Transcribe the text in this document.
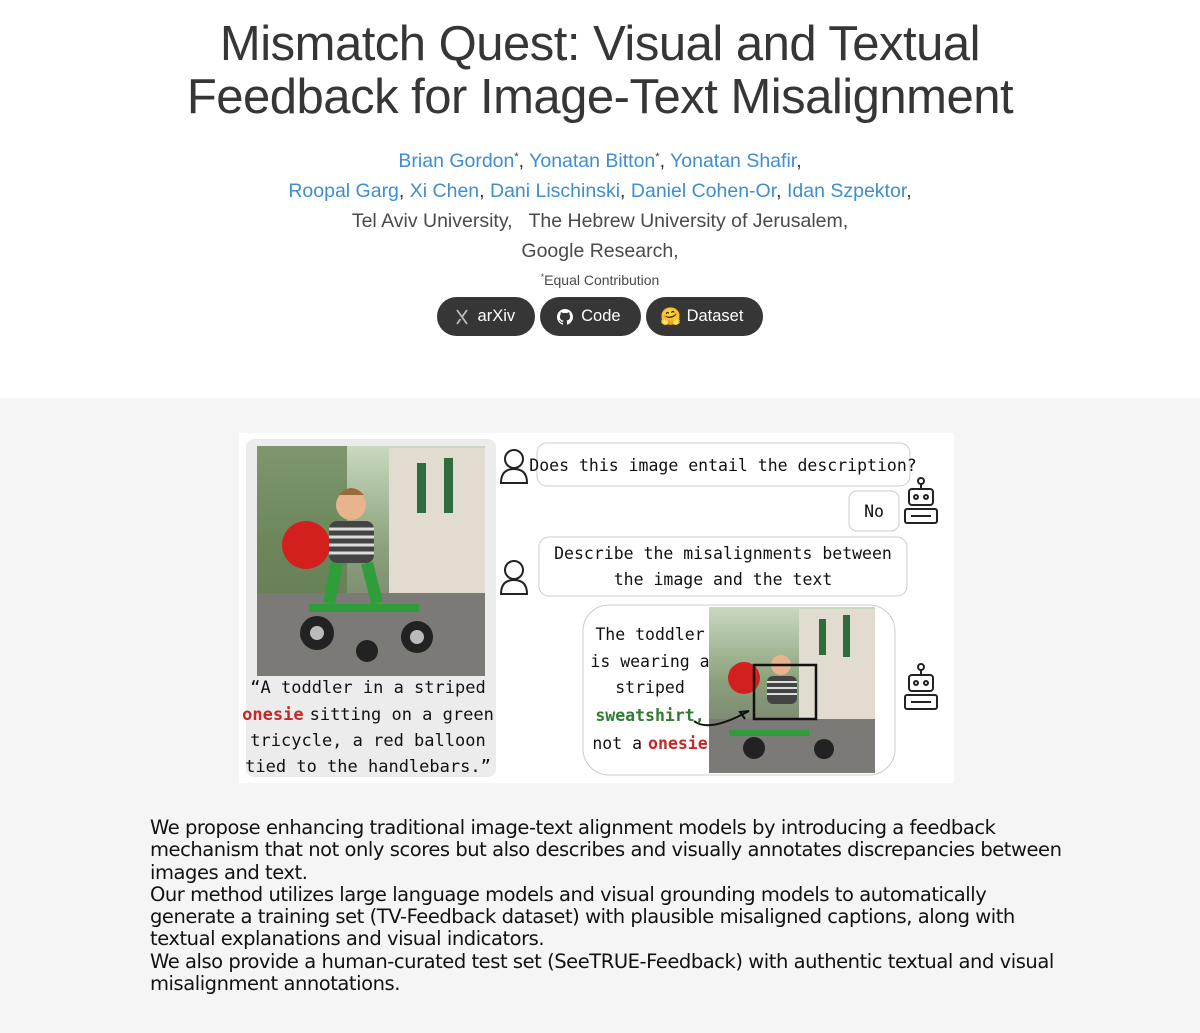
Mismatch Quest: Visual and Textual
Feedback for Image-Text Misalignment
Brian Gordon*, Yonatan Bitton*, Yonatan Shafir,
Roopal Garg, Xi Chen, Dani Lischinski, Daniel Cohen-Or, Idan Szpektor,
Tel Aviv University, The Hebrew University of Jerusalem,
Google Research,
*Equal Contribution
arXiv	Code 🤗 Dataset
“A toddler in a striped
onesie sitting on a green
tricycle, a red balloon
tied to the handlebars.”
Does this image entail the description?
No
Describe the misalignments between
the image and the text
The toddler
is wearing a
striped
sweatshirt,
not a onesie

We propose enhancing traditional image-text alignment models by introducing a feedback mechanism that not only scores but also describes and visually annotates discrepancies between images and text.

Our method utilizes large language models and visual grounding models to automatically generate a training set (TV-Feedback dataset) with plausible misaligned captions, along with textual explanations and visual indicators.

We also provide a human-curated test set (SeeTRUE-Feedback) with authentic textual and visual misalignment annotations.
